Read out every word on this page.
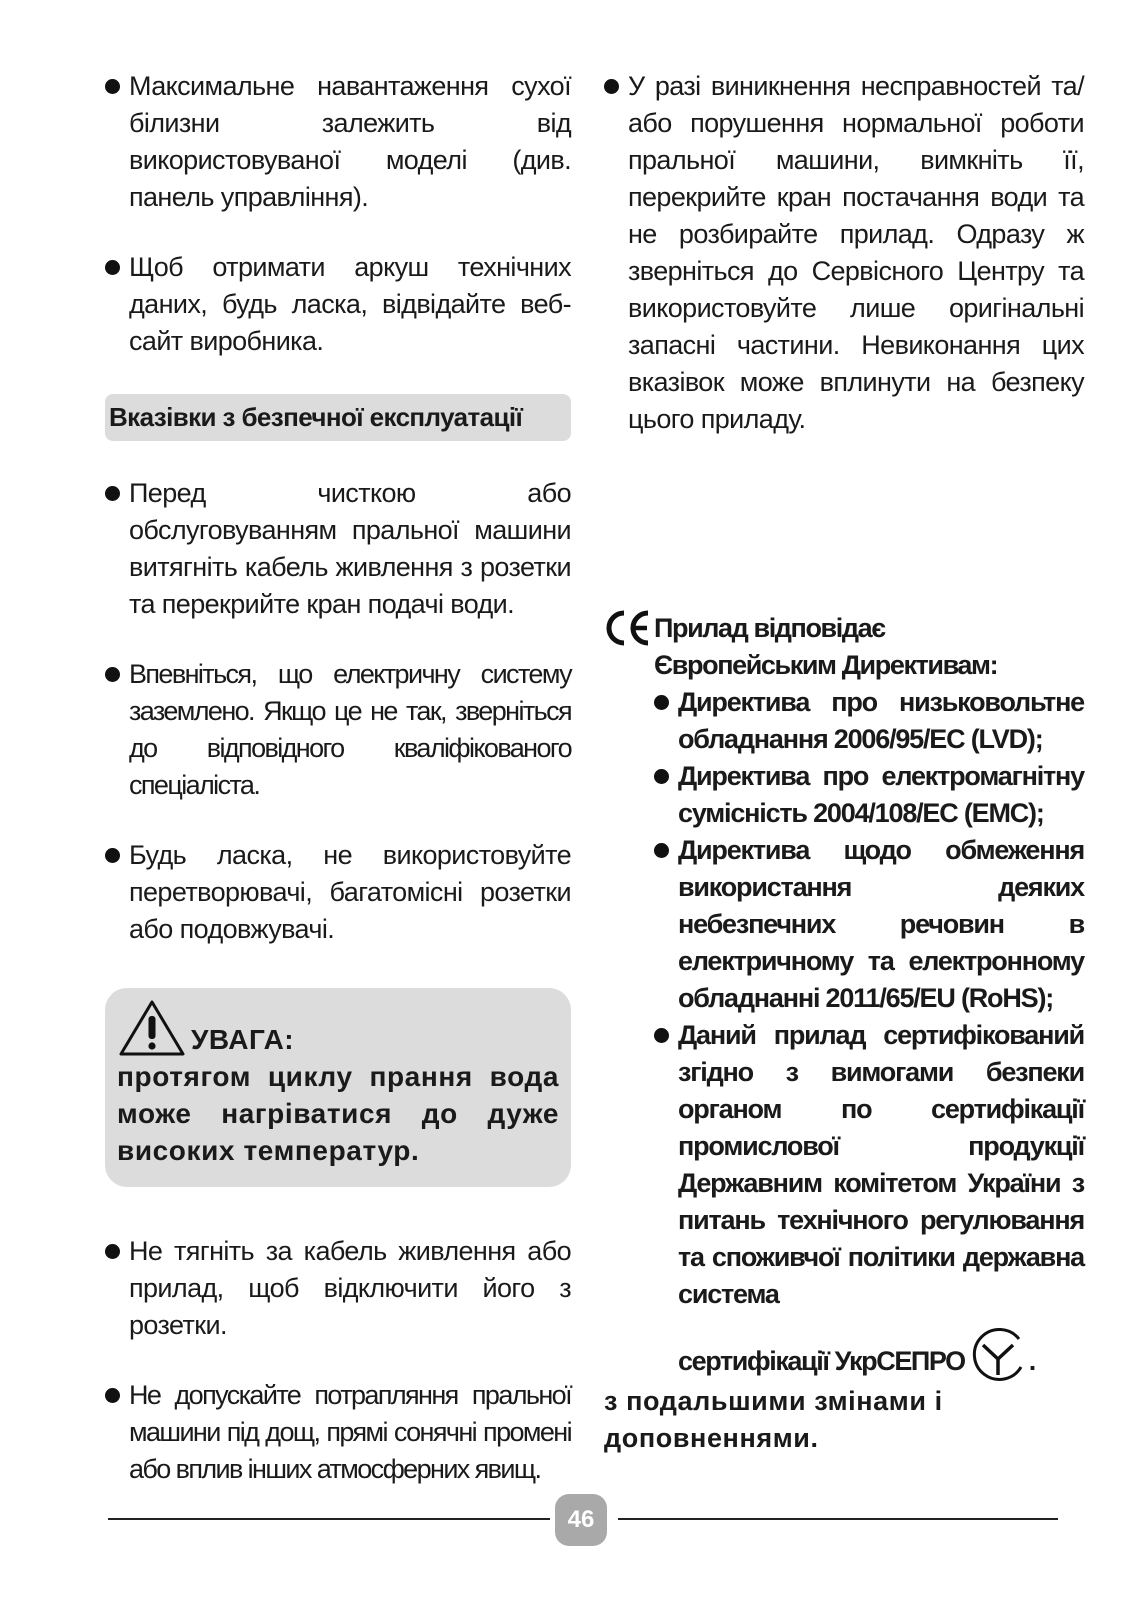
Максимальне навантаження сухої білизни залежить від використовуваної моделі (див. панель управління).
Щоб отримати аркуш технічних даних, будь ласка, відвідайте веб-сайт виробника.
Вказівки з безпечної експлуатації
Перед чисткою або обслуговуванням пральної машини витягніть кабель живлення з розетки та перекрийте кран подачі води.
Впевніться, що електричну систему заземлено. Якщо це не так, зверніться до відповідного кваліфікованого спеціаліста.
Будь ласка, не використовуйте перетворювачі, багатомісні розетки або подовжувачі.
УВАГА:
протягом циклу прання вода може нагріватися до дуже високих температур.
Не тягніть за кабель живлення або прилад, щоб відключити його з розетки.
Не допускайте потрапляння пральної машини під дощ, прямі сонячні промені або вплив інших атмосферних явищ.
У разі виникнення несправностей та/або порушення нормальної роботи пральної машини, вимкніть її, перекрийте кран постачання води та не розбирайте прилад. Одразу ж зверніться до Сервісного Центру та використовуйте лише оригінальні запасні частини. Невиконання цих вказівок може вплинути на безпеку цього приладу.
Прилад відповідає
Європейським Директивам:
Директива про низьковольтне обладнання 2006/95/EC (LVD);
Директива про електромагнітну сумісність 2004/108/EC (EMC);
Директива щодо обмеження використання деяких небезпечних речовин в електричному та електронному обладнанні 2011/65/EU (RoHS);
Даний прилад сертифікований згідно з вимогами безпеки органом по сертифікації промислової продукції Державним комітетом України з питань технічного регулювання та споживчої політики державна система
сертифікації УкрСЕПРО .
з подальшими змінами і доповненнями.
46
